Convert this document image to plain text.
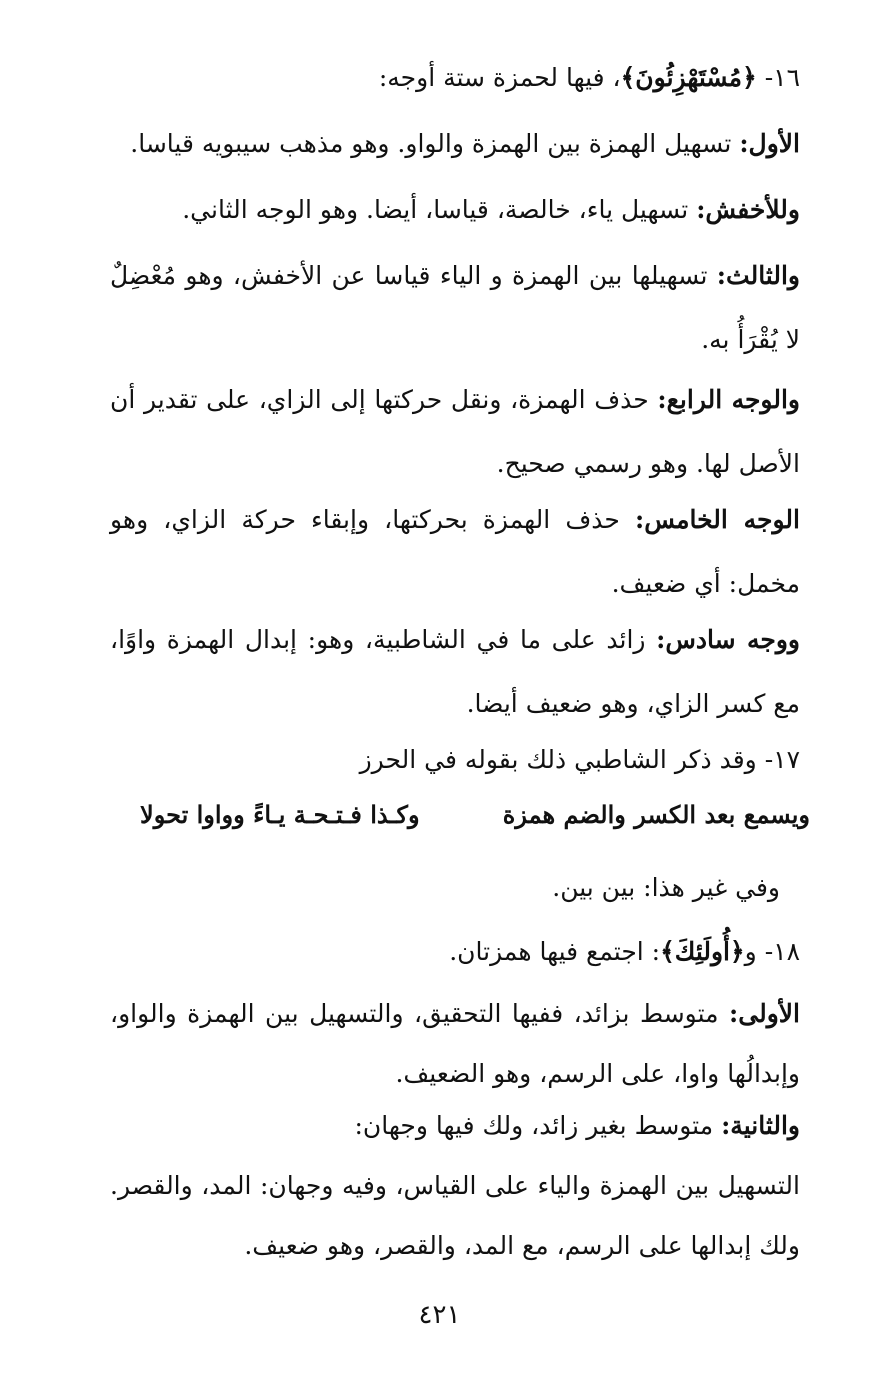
١٦- ﴿مُسْتَهْزِئُونَ﴾، فيها لحمزة ستة أوجه:

الأول: تسهيل الهمزة بين الهمزة والواو. وهو مذهب سيبويه قياسا.

وللأخفش: تسهيل ياء، خالصة، قياسا، أيضا. وهو الوجه الثاني.

والثالث: تسهيلها بين الهمزة و الياء قياسا عن الأخفش، وهو مُعْضِلٌ لا يُقْرَأُ به.

والوجه الرابع: حذف الهمزة، ونقل حركتها إلى الزاي، على تقدير أن الأصل لها. وهو رسمي صحيح.

الوجه الخامس: حذف الهمزة بحركتها، وإبقاء حركة الزاي، وهو مخمل: أي ضعيف.

ووجه سادس: زائد على ما في الشاطبية، وهو: إبدال الهمزة واوًا، مع كسر الزاي، وهو ضعيف أيضا.

١٧- وقد ذكر الشاطبي ذلك بقوله في الحرز

ويسمع بعد الكسر والضم همزة
وكـذا فـتـحـة يـاءً وواوا تحولا

وفي غير هذا: بين بين.

١٨- و﴿أُولَئِكَ﴾: اجتمع فيها همزتان.

الأولى: متوسط بزائد، ففيها التحقيق، والتسهيل بين الهمزة والواو، وإبدالُها واوا، على الرسم، وهو الضعيف.

والثانية: متوسط بغير زائد، ولك فيها وجهان:

التسهيل بين الهمزة والياء على القياس، وفيه وجهان: المد، والقصر. ولك إبدالها على الرسم، مع المد، والقصر، وهو ضعيف.

٤٢١
